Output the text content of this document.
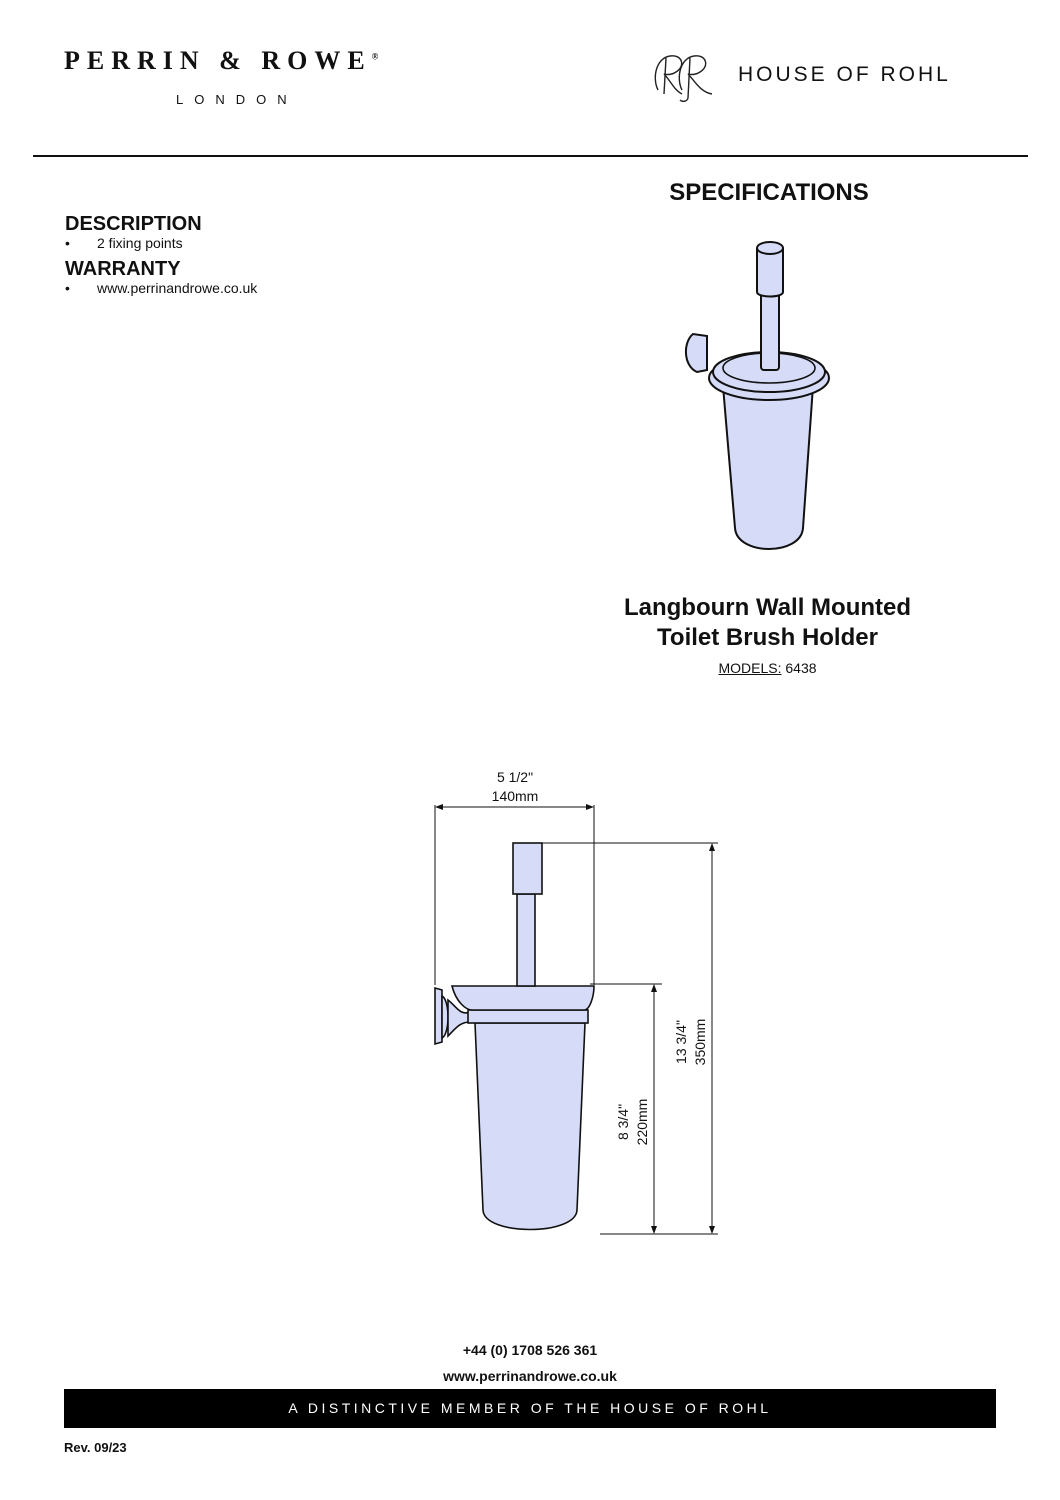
PERRIN & ROWE®
LONDON
HOUSE OF ROHL
DESCRIPTION
• 2 fixing points
WARRANTY
• www.perrinandrowe.co.uk
SPECIFICATIONS
Langbourn Wall Mounted
Toilet Brush Holder
MODELS: 6438
5 1/2"
140mm
13 3/4" 350mm
8 3/4" 220mm
+44 (0) 1708 526 361
www.perrinandrowe.co.uk
A DISTINCTIVE MEMBER OF THE HOUSE OF ROHL
Rev. 09/23
